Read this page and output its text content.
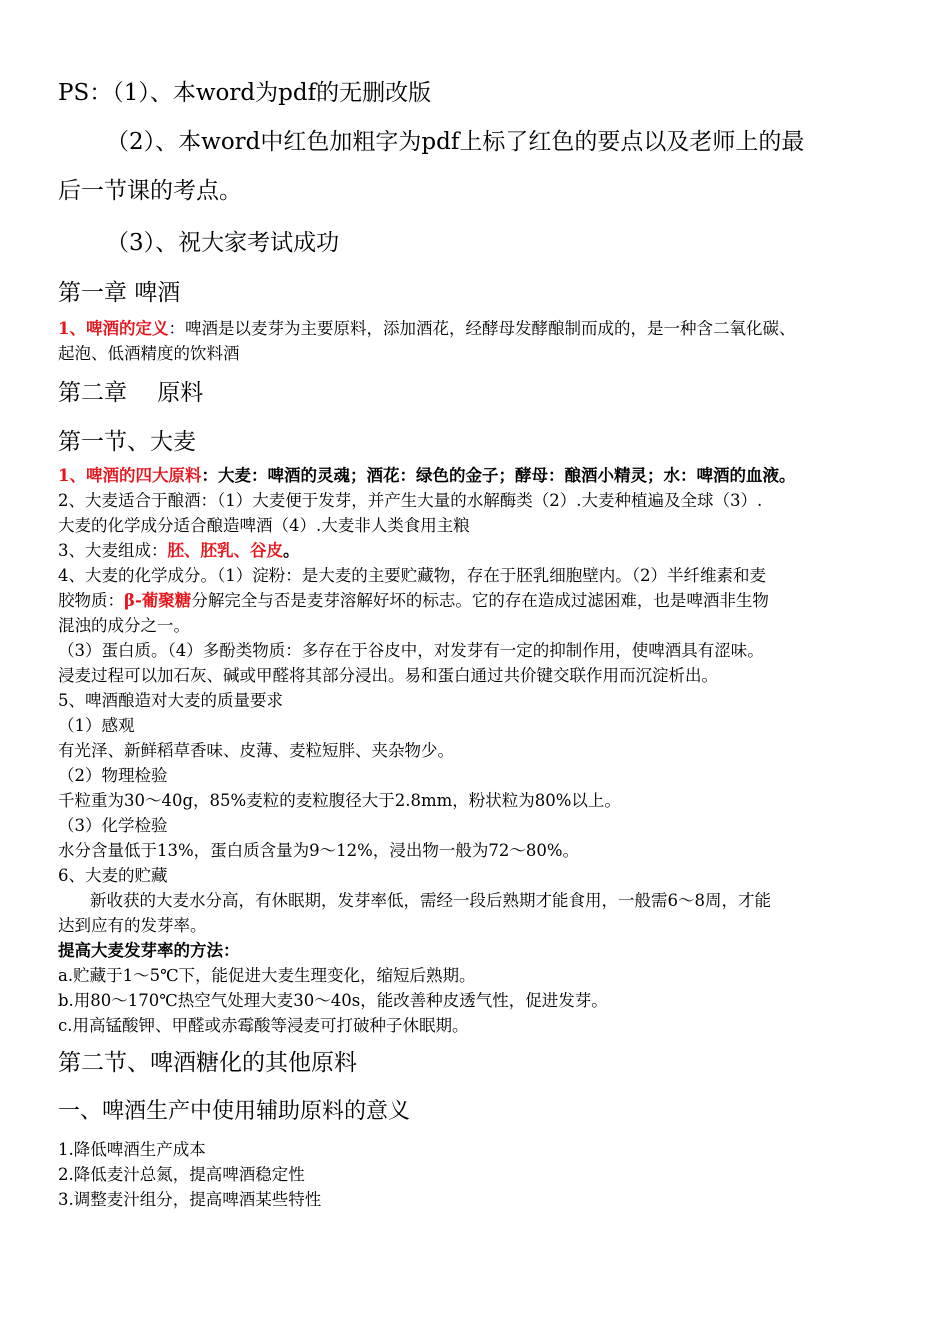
PS：（1）、本word为pdf的无删改版
（2）、本word中红色加粗字为pdf上标了红色的要点以及老师上的最
后一节课的考点。
（3）、祝大家考试成功
第一章 啤酒
1、啤酒的定义：啤酒是以麦芽为主要原料，添加酒花，经酵母发酵酿制而成的，是一种含二氧化碳、
起泡、低酒精度的饮料酒
第二章　 原料
第一节、大麦
1、啤酒的四大原料：大麦：啤酒的灵魂；酒花：绿色的金子；酵母：酿酒小精灵；水：啤酒的血液。
2、大麦适合于酿酒：（1）大麦便于发芽，并产生大量的水解酶类（2）.大麦种植遍及全球（3）.
大麦的化学成分适合酿造啤酒（4）.大麦非人类食用主粮
3、大麦组成：胚、胚乳、谷皮。
4、大麦的化学成分。（1）淀粉：是大麦的主要贮藏物，存在于胚乳细胞壁内。（2）半纤维素和麦
胶物质：β-葡聚糖分解完全与否是麦芽溶解好坏的标志。它的存在造成过滤困难，也是啤酒非生物
混浊的成分之一。
（3）蛋白质。（4）多酚类物质：多存在于谷皮中，对发芽有一定的抑制作用，使啤酒具有涩味。
浸麦过程可以加石灰、碱或甲醛将其部分浸出。易和蛋白通过共价键交联作用而沉淀析出。
5、啤酒酿造对大麦的质量要求
（1）感观
有光泽、新鲜稻草香味、皮薄、麦粒短胖、夹杂物少。
（2）物理检验
千粒重为30～40g，85%麦粒的麦粒腹径大于2.8mm，粉状粒为80%以上。
（3）化学检验
水分含量低于13%，蛋白质含量为9～12%，浸出物一般为72～80%。
6、大麦的贮藏
新收获的大麦水分高，有休眠期，发芽率低，需经一段后熟期才能食用，一般需6～8周，才能
达到应有的发芽率。
提高大麦发芽率的方法：
a.贮藏于1～5℃下，能促进大麦生理变化，缩短后熟期。
b.用80～170℃热空气处理大麦30～40s，能改善种皮透气性，促进发芽。
c.用高锰酸钾、甲醛或赤霉酸等浸麦可打破种子休眠期。
第二节、啤酒糖化的其他原料
一、啤酒生产中使用辅助原料的意义
1.降低啤酒生产成本
2.降低麦汁总氮，提高啤酒稳定性
3.调整麦汁组分，提高啤酒某些特性
